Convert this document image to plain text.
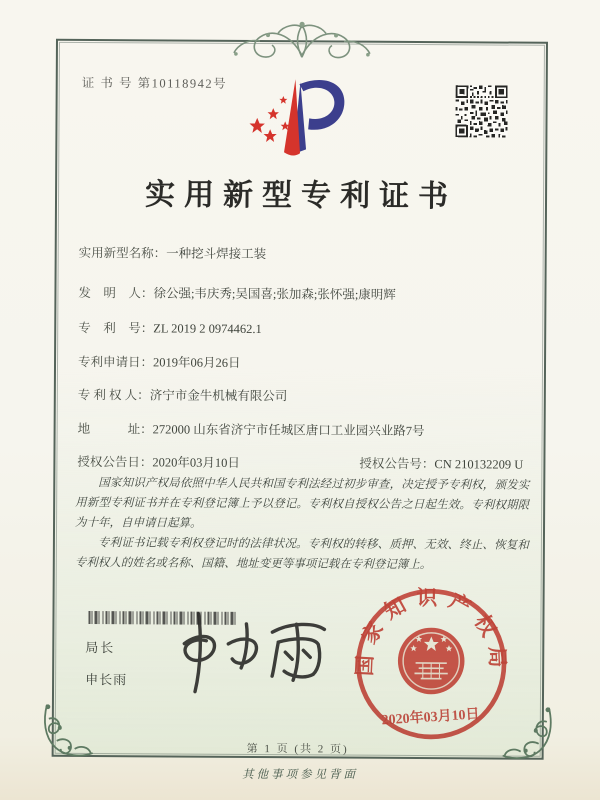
证 书 号 第10118942号
实用新型专利证书
实用新型名称：一种挖斗焊接工装
发　明　人：徐公强;韦庆秀;吴国喜;张加森;张怀强;康明辉
专　利　号：ZL 2019 2 0974462.1
专利申请日：2019年06月26日
专 利 权 人：济宁市金牛机械有限公司
地　　　址：272000 山东省济宁市任城区唐口工业园兴业路7号
授权公告日：2020年03月10日	授权公告号：CN 210132209 U

国家知识产权局依照中华人民共和国专利法经过初步审查，决定授予专利权，颁发实用新型专利证书并在专利登记簿上予以登记。专利权自授权公告之日起生效。专利权期限为十年，自申请日起算。

专利证书记载专利权登记时的法律状况。专利权的转移、质押、无效、终止、恢复和专利权人的姓名或名称、国籍、地址变更等事项记载在专利登记簿上。

局长
申长雨
国家知识产权局
2020年03月10日
第 1 页 (共 2 页)
其他事项参见背面
